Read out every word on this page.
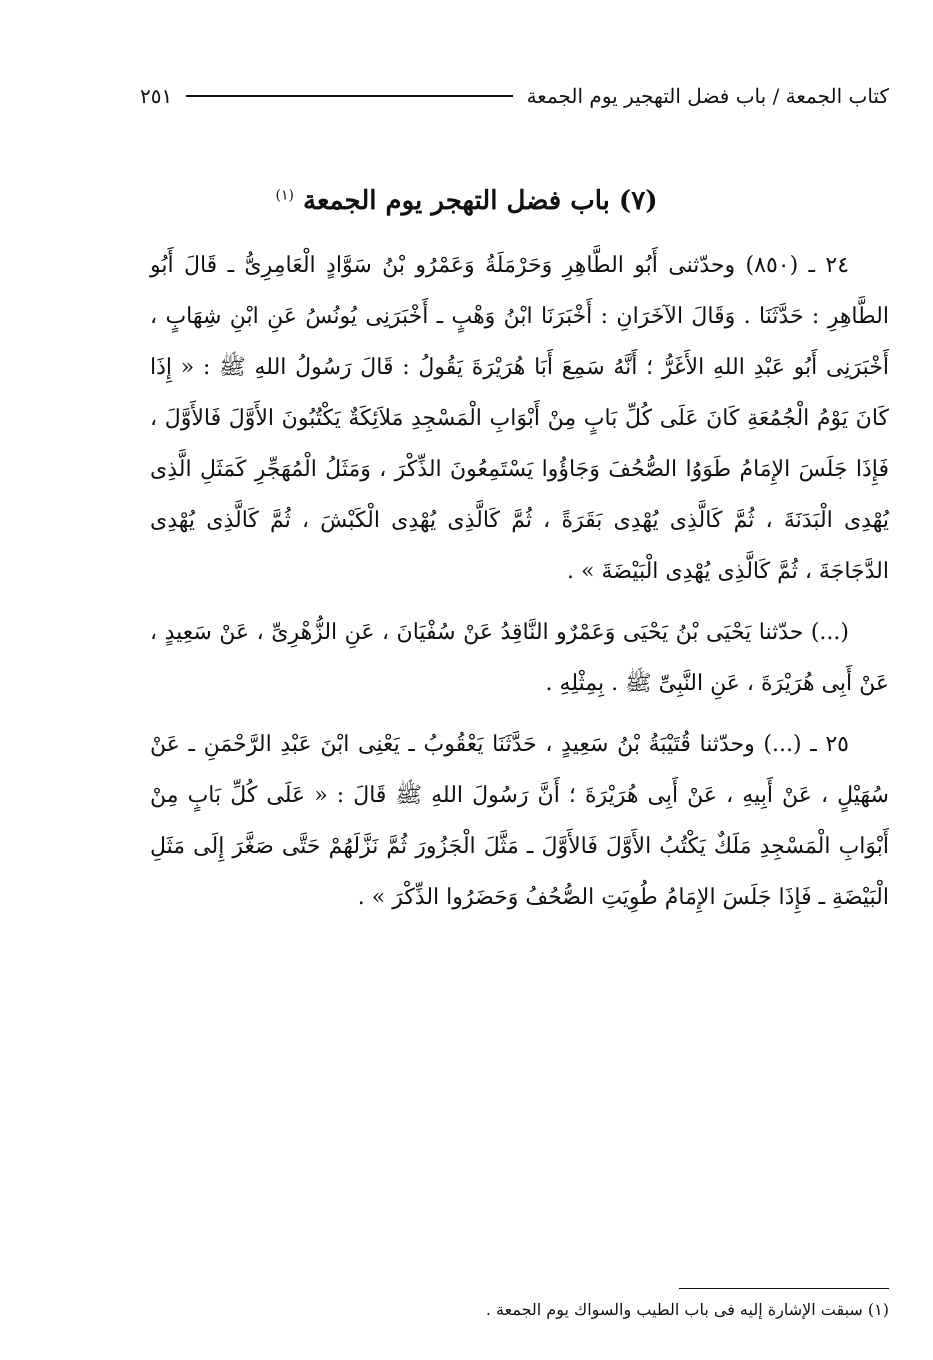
كتاب الجمعة / باب فضل التهجير يوم الجمعة
٢٥١
(٧) باب فضل التهجر يوم الجمعة $^{(١)}$

٢٤ ـ (٨٥٠) وحدّثنى أَبُو الطَّاهِرِ وَحَرْمَلَةُ وَعَمْرُو بْنُ سَوَّادٍ الْعَامِرِىُّ ـ قَالَ أَبُو الطَّاهِرِ : حَدَّثَنَا . وَقَالَ الآخَرَانِ : أَخْبَرَنَا ابْنُ وَهْبٍ ـ أَخْبَرَنِى يُونُسُ عَنِ ابْنِ شِهَابٍ ، أَخْبَرَنِى أَبُو عَبْدِ اللهِ الأَغَرُّ ؛ أَنَّهُ سَمِعَ أَبَا هُرَيْرَةَ يَقُولُ : قَالَ رَسُولُ اللهِ ﷺ : « إِذَا كَانَ يَوْمُ الْجُمُعَةِ كَانَ عَلَى كُلِّ بَابٍ مِنْ أَبْوَابِ الْمَسْجِدِ مَلاَئِكَةٌ يَكْتُبُونَ الأَوَّلَ فَالأَوَّلَ ، فَإِذَا جَلَسَ الإِمَامُ طَوَوُا الصُّحُفَ وَجَاؤُوا يَسْتَمِعُونَ الذِّكْرَ ، وَمَثَلُ الْمُهَجِّرِ كَمَثَلِ الَّذِى يُهْدِى الْبَدَنَةَ ، ثُمَّ كَالَّذِى يُهْدِى بَقَرَةً ، ثُمَّ كَالَّذِى يُهْدِى الْكَبْشَ ، ثُمَّ كَالَّذِى يُهْدِى الدَّجَاجَةَ ، ثُمَّ كَالَّذِى يُهْدِى الْبَيْضَةَ » .

(...) حدّثنا يَحْيَى بْنُ يَحْيَى وَعَمْرٌو النَّاقِدُ عَنْ سُفْيَانَ ، عَنِ الزُّهْرِىِّ ، عَنْ سَعِيدٍ ، عَنْ أَبِى هُرَيْرَةَ ، عَنِ النَّبِىِّ ﷺ . بِمِثْلِهِ .

٢٥ ـ (...) وحدّثنا قُتَيْبَةُ بْنُ سَعِيدٍ ، حَدَّثَنَا يَعْقُوبُ ـ يَعْنِى ابْنَ عَبْدِ الرَّحْمَنِ ـ عَنْ سُهَيْلٍ ، عَنْ أَبِيهِ ، عَنْ أَبِى هُرَيْرَةَ ؛ أَنَّ رَسُولَ اللهِ ﷺ قَالَ : « عَلَى كُلِّ بَابٍ مِنْ أَبْوَابِ الْمَسْجِدِ مَلَكٌ يَكْتُبُ الأَوَّلَ فَالأَوَّلَ ـ مَثَّلَ الْجَزُورَ ثُمَّ نَزَّلَهُمْ حَتَّى صَغَّرَ إِلَى مَثَلِ الْبَيْضَةِ ـ فَإِذَا جَلَسَ الإِمَامُ طُوِيَتِ الصُّحُفُ وَحَضَرُوا الذِّكْرَ » .

(١) سبقت الإشارة إليه فى باب الطيب والسواك يوم الجمعة .
